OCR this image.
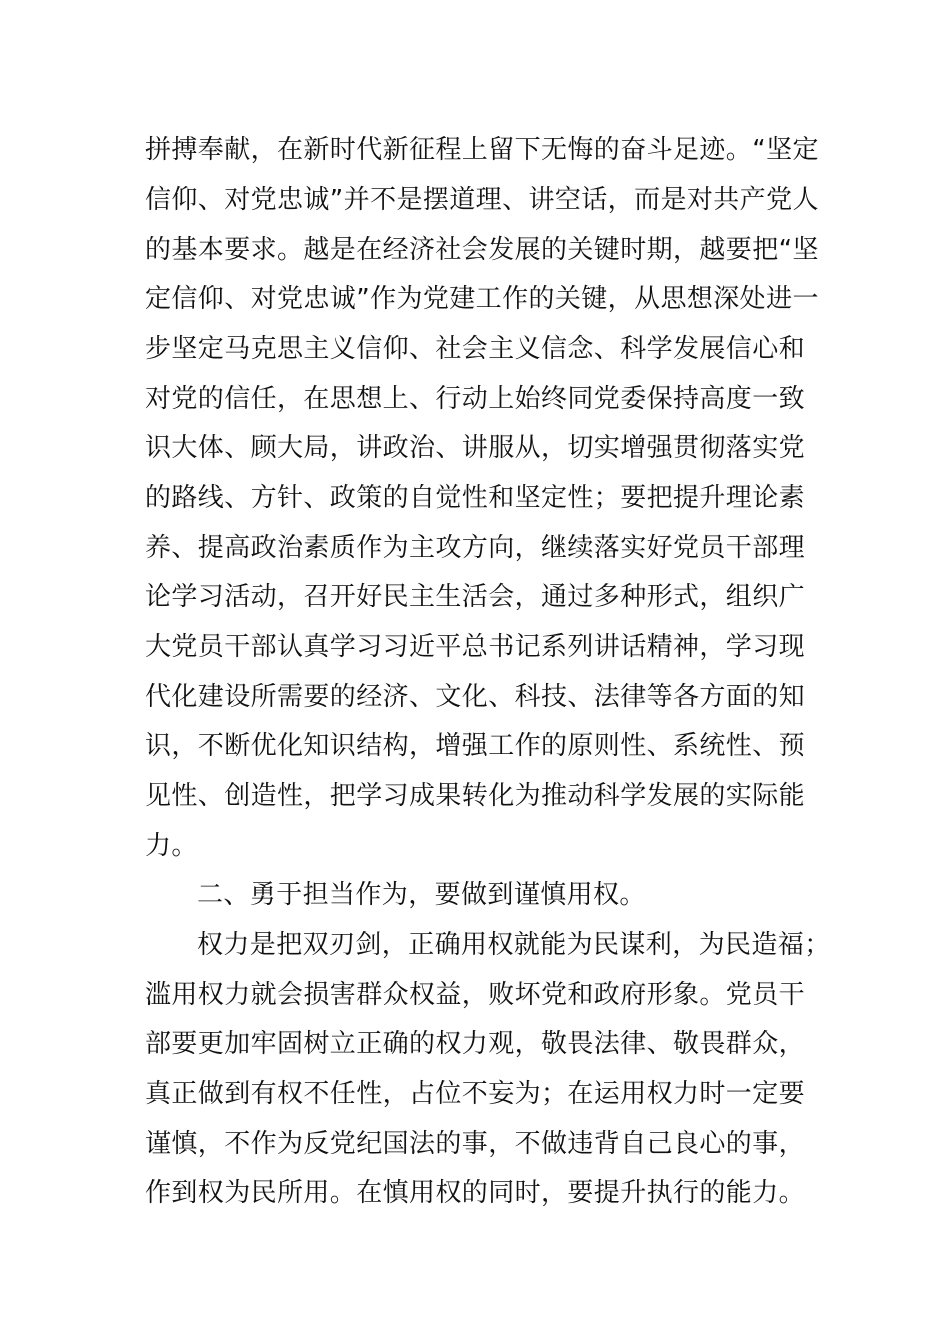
拼搏奉献，在新时代新征程上留下无悔的奋斗足迹。“坚定
信仰、对党忠诚”并不是摆道理、讲空话，而是对共产党人
的基本要求。越是在经济社会发展的关键时期，越要把“坚
定信仰、对党忠诚”作为党建工作的关键，从思想深处进一
步坚定马克思主义信仰、社会主义信念、科学发展信心和
对党的信任，在思想上、行动上始终同党委保持高度一致
识大体、顾大局，讲政治、讲服从，切实增强贯彻落实党
的路线、方针、政策的自觉性和坚定性；要把提升理论素
养、提高政治素质作为主攻方向，继续落实好党员干部理
论学习活动，召开好民主生活会，通过多种形式，组织广
大党员干部认真学习习近平总书记系列讲话精神，学习现
代化建设所需要的经济、文化、科技、法律等各方面的知
识，不断优化知识结构，增强工作的原则性、系统性、预
见性、创造性，把学习成果转化为推动科学发展的实际能
力。
二、勇于担当作为，要做到谨慎用权。
权力是把双刃剑，正确用权就能为民谋利，为民造福；
滥用权力就会损害群众权益，败坏党和政府形象。党员干
部要更加牢固树立正确的权力观，敬畏法律、敬畏群众，
真正做到有权不任性，占位不妄为；在运用权力时一定要
谨慎，不作为反党纪国法的事，不做违背自己良心的事，
作到权为民所用。在慎用权的同时，要提升执行的能力。
